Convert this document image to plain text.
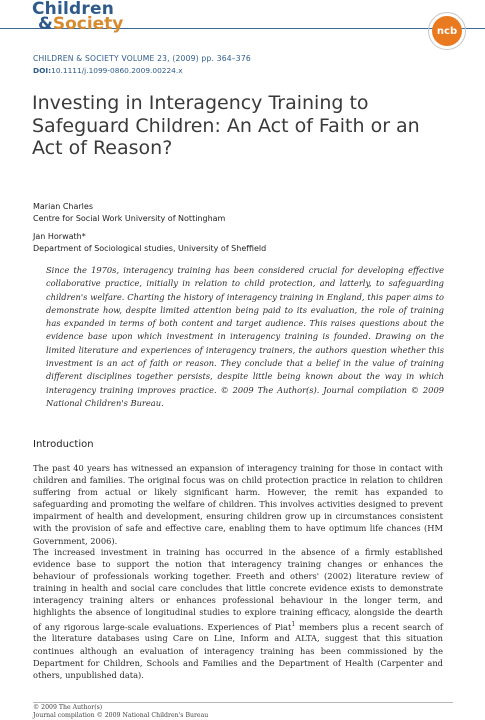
Children
&Society	ncb
CHILDREN & SOCIETY VOLUME 23, (2009) pp. 364–376
DOI:10.1111/j.1099-0860.2009.00224.x
Investing in Interagency Training to Safeguard Children: An Act of Faith or an Act of Reason?
Marian Charles
Centre for Social Work University of Nottingham
Jan Horwath*
Department of Sociological studies, University of Sheffield

Since the 1970s, interagency training has been considered crucial for developing effective collaborative practice, initially in relation to child protection, and latterly, to safeguarding children's welfare. Charting the history of interagency training in England, this paper aims to demonstrate how, despite limited attention being paid to its evaluation, the role of training has expanded in terms of both content and target audience. This raises questions about the evidence base upon which investment in interagency training is founded. Drawing on the limited literature and experiences of interagency trainers, the authors question whether this investment is an act of faith or reason. They conclude that a belief in the value of training different disciplines together persists, despite little being known about the way in which interagency training improves practice. © 2009 The Author(s). Journal compilation © 2009 National Children's Bureau.

Introduction

The past 40 years has witnessed an expansion of interagency training for those in contact with children and families. The original focus was on child protection practice in relation to children suffering from actual or likely significant harm. However, the remit has expanded to safeguarding and promoting the welfare of children. This involves activities designed to prevent impairment of health and development, ensuring children grow up in circumstances consistent with the provision of safe and effective care, enabling them to have optimum life chances (HM Government, 2006).

The increased investment in training has occurred in the absence of a firmly established evidence base to support the notion that interagency training changes or enhances the behaviour of professionals working together. Freeth and others' (2002) literature review of training in health and social care concludes that little concrete evidence exists to demonstrate interagency training alters or enhances professional behaviour in the longer term, and highlights the absence of longitudinal studies to explore training efficacy, alongside the dearth of any rigorous large-scale evaluations. Experiences of Piat$^1$ members plus a recent search of the literature databases using Care on Line, Inform and ALTA, suggest that this situation continues although an evaluation of interagency training has been commissioned by the Department for Children, Schools and Families and the Department of Health (Carpenter and others, unpublished data).

© 2009 The Author(s)
Journal compilation © 2009 National Children's Bureau
